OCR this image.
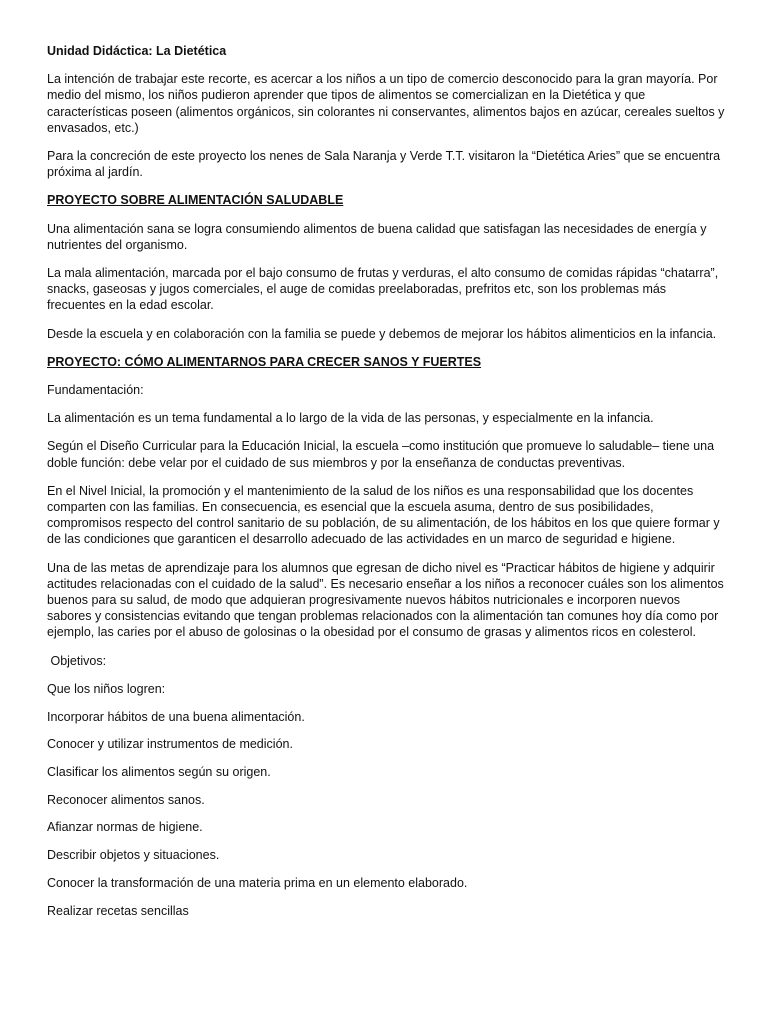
Unidad Didáctica: La Dietética

La intención de trabajar este recorte, es acercar a los niños a un tipo de comercio desconocido para la gran mayoría. Por medio del mismo, los niños pudieron aprender que tipos de alimentos se comercializan en la Dietética y que características poseen (alimentos orgánicos, sin colorantes ni conservantes, alimentos bajos en azúcar, cereales sueltos y envasados, etc.)

Para la concreción de este proyecto los nenes de Sala Naranja y Verde T.T. visitaron la “Dietética Aries” que se encuentra próxima al jardín.

PROYECTO SOBRE ALIMENTACIÓN SALUDABLE

Una alimentación sana se logra consumiendo alimentos de buena calidad que satisfagan las necesidades de energía y nutrientes del organismo.

La mala alimentación, marcada por el bajo consumo de frutas y verduras, el alto consumo de comidas rápidas “chatarra”, snacks, gaseosas y jugos comerciales, el auge de comidas preelaboradas, prefritos etc, son los problemas más frecuentes en la edad escolar.

Desde la escuela y en colaboración con la familia se puede y debemos de mejorar los hábitos alimenticios en la infancia.

PROYECTO: CÓMO ALIMENTARNOS PARA CRECER SANOS Y FUERTES

Fundamentación:

La alimentación es un tema fundamental a lo largo de la vida de las personas, y especialmente en la infancia.

Según el Diseño Curricular para la Educación Inicial, la escuela –como institución que promueve lo saludable– tiene una doble función: debe velar por el cuidado de sus miembros y por la enseñanza de conductas preventivas.

En el Nivel Inicial, la promoción y el mantenimiento de la salud de los niños es una responsabilidad que los docentes comparten con las familias. En consecuencia, es esencial que la escuela asuma, dentro de sus posibilidades, compromisos respecto del control sanitario de su población, de su alimentación, de los hábitos en los que quiere formar y de las condiciones que garanticen el desarrollo adecuado de las actividades en un marco de seguridad e higiene.

Una de las metas de aprendizaje para los alumnos que egresan de dicho nivel es “Practicar hábitos de higiene y adquirir actitudes relacionadas con el cuidado de la salud”. Es necesario enseñar a los niños a reconocer cuáles son los alimentos buenos para su salud, de modo que adquieran progresivamente nuevos hábitos nutricionales e incorporen nuevos sabores y consistencias evitando que tengan problemas relacionados con la alimentación tan comunes hoy día como por ejemplo, las caries por el abuso de golosinas o la obesidad por el consumo de grasas y alimentos ricos en colesterol.

Objetivos:

Que los niños logren:

Incorporar hábitos de una buena alimentación.

Conocer y utilizar instrumentos de medición.

Clasificar los alimentos según su origen.

Reconocer alimentos sanos.

Afianzar normas de higiene.

Describir objetos y situaciones.

Conocer la transformación de una materia prima en un elemento elaborado.

Realizar recetas sencillas
